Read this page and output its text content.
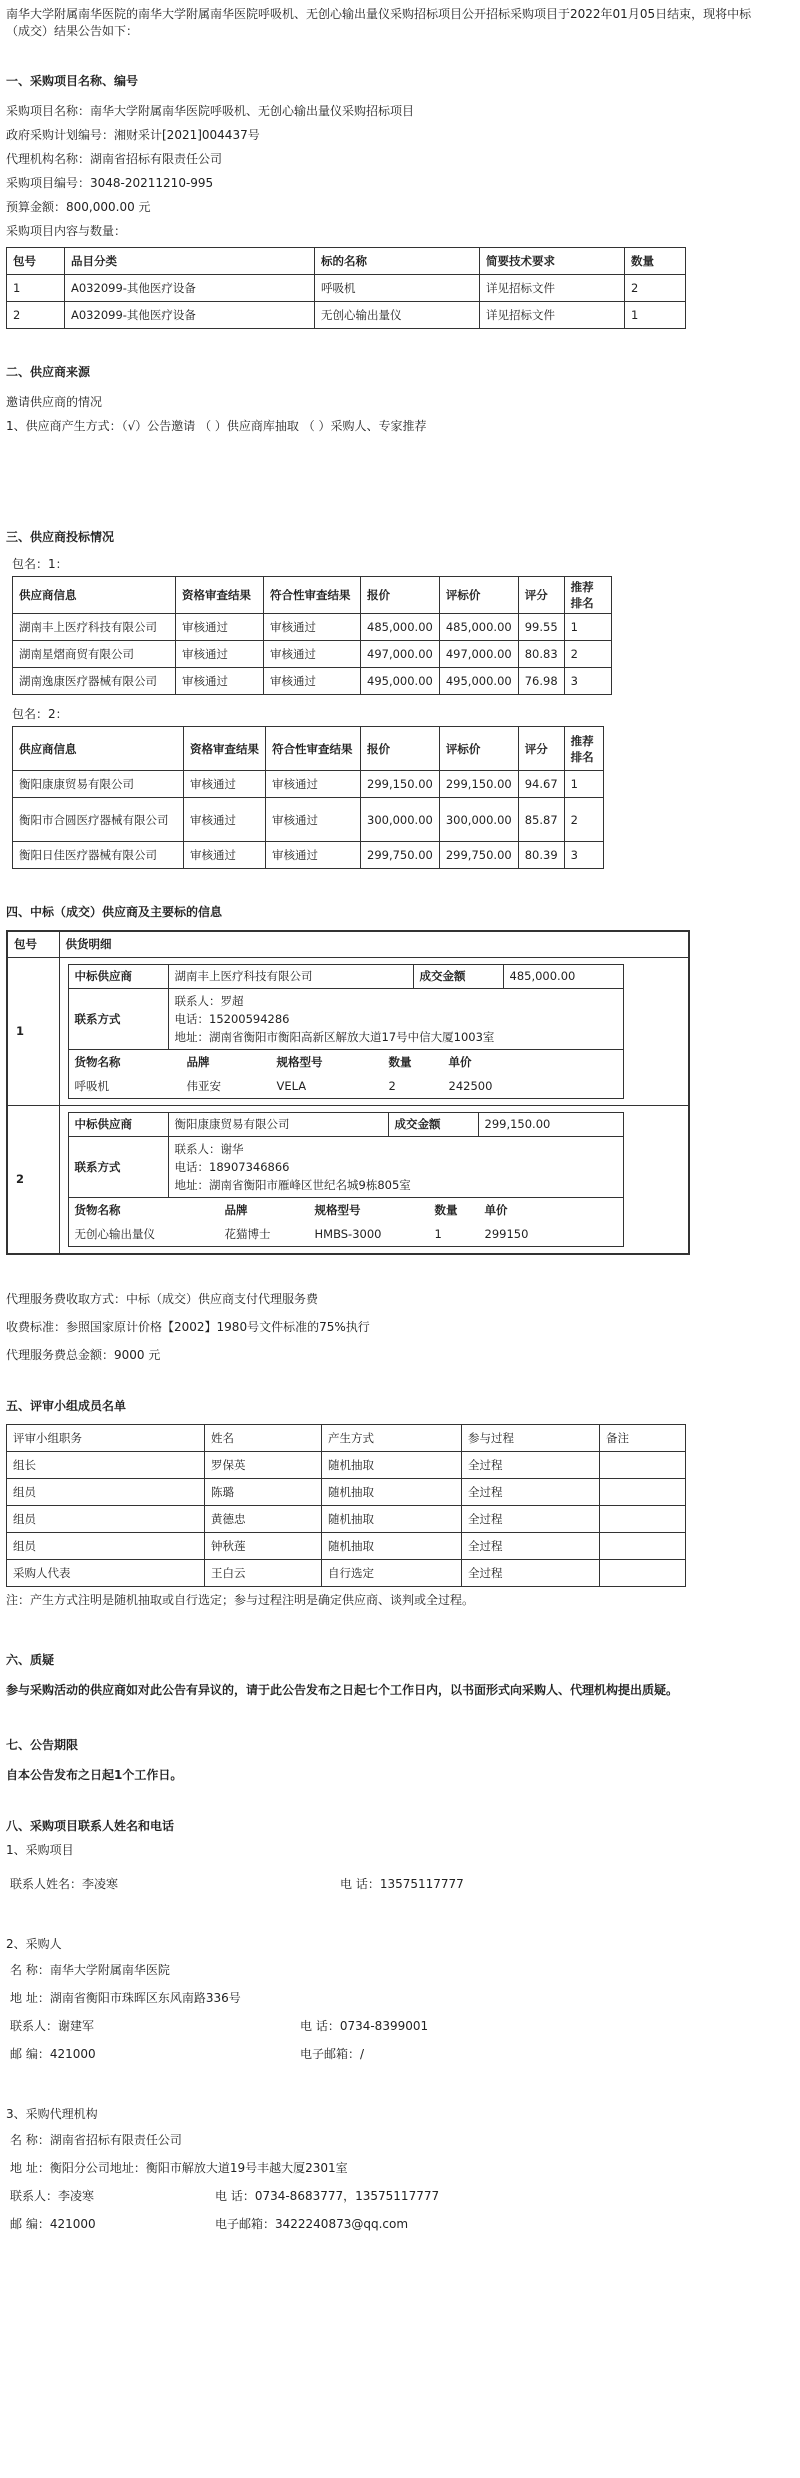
南华大学附属南华医院的南华大学附属南华医院呼吸机、无创心输出量仪采购招标项目公开招标采购项目于2022年01月05日结束，现将中标（成交）结果公告如下：

一、采购项目名称、编号

采购项目名称：南华大学附属南华医院呼吸机、无创心输出量仪采购招标项目

政府采购计划编号：湘财采计[2021]004437号

代理机构名称：湖南省招标有限责任公司

采购项目编号：3048-20211210-995

预算金额：800,000.00 元

采购项目内容与数量：

包号	品目分类	标的名称	简要技术要求	数量
1	A032099-其他医疗设备	呼吸机	详见招标文件	2
2	A032099-其他医疗设备	无创心输出量仪	详见招标文件	1
二、供应商来源

邀请供应商的情况

1、供应商产生方式：（√）公告邀请 （ ）供应商库抽取 （ ）采购人、专家推荐

三、供应商投标情况

包名：1：

供应商信息	资格审查结果	符合性审查结果	报价	评标价	评分	推荐排名
湖南丰上医疗科技有限公司	审核通过	审核通过	485,000.00	485,000.00	99.55	1
湖南星熠商贸有限公司	审核通过	审核通过	497,000.00	497,000.00	80.83	2
湖南逸康医疗器械有限公司	审核通过	审核通过	495,000.00	495,000.00	76.98	3

包名：2：

供应商信息	资格审查结果	符合性审查结果	报价	评标价	评分	推荐排名
衡阳康康贸易有限公司	审核通过	审核通过	299,150.00	299,150.00	94.67	1
衡阳市合圆医疗器械有限公司	审核通过	审核通过	300,000.00	300,000.00	85.87	2
衡阳日佳医疗器械有限公司	审核通过	审核通过	299,750.00	299,750.00	80.39	3
四、中标（成交）供应商及主要标的信息
包号	供货明细
1	
中标供应商	湖南丰上医疗科技有限公司	成交金额	485,000.00
联系方式	
联系人：罗超
电话：15200594286
地址：湖南省衡阳市衡阳高新区解放大道17号中信大厦1003室

货物名称	品牌	规格型号	数量	单价
呼吸机	伟亚安	VELA	2	242500

2	
中标供应商	衡阳康康贸易有限公司	成交金额	299,150.00
联系方式	
联系人：谢华
电话：18907346866
地址：湖南省衡阳市雁峰区世纪名城9栋805室

货物名称	品牌	规格型号	数量	单价
无创心输出量仪	花猫博士	HMBS-3000	1	299150

代理服务费收取方式：中标（成交）供应商支付代理服务费

收费标准：参照国家原计价格【2002】1980号文件标准的75%执行

代理服务费总金额：9000 元

五、评审小组成员名单
评审小组职务	姓名	产生方式	参与过程	备注
组长	罗保英	随机抽取	全过程	
组员	陈璐	随机抽取	全过程	
组员	黄德忠	随机抽取	全过程	
组员	钟秋莲	随机抽取	全过程	
采购人代表	王白云	自行选定	全过程	

注：产生方式注明是随机抽取或自行选定；参与过程注明是确定供应商、谈判或全过程。

六、质疑

参与采购活动的供应商如对此公告有异议的，请于此公告发布之日起七个工作日内，以书面形式向采购人、代理机构提出质疑。

七、公告期限

自本公告发布之日起1个工作日。

八、采购项目联系人姓名和电话

1、采购项目

联系人姓名：李凌寒	电 话：13575117777

2、采购人

名 称：南华大学附属南华医院
地 址：湖南省衡阳市珠晖区东风南路336号
联系人：谢建军	电 话：0734-8399001
邮 编：421000	电子邮箱：/

3、采购代理机构

名 称：湖南省招标有限责任公司
地 址：衡阳分公司地址：衡阳市解放大道19号丰越大厦2301室
联系人：李凌寒	电 话：0734-8683777，13575117777
邮 编：421000	电子邮箱：3422240873@qq.com
